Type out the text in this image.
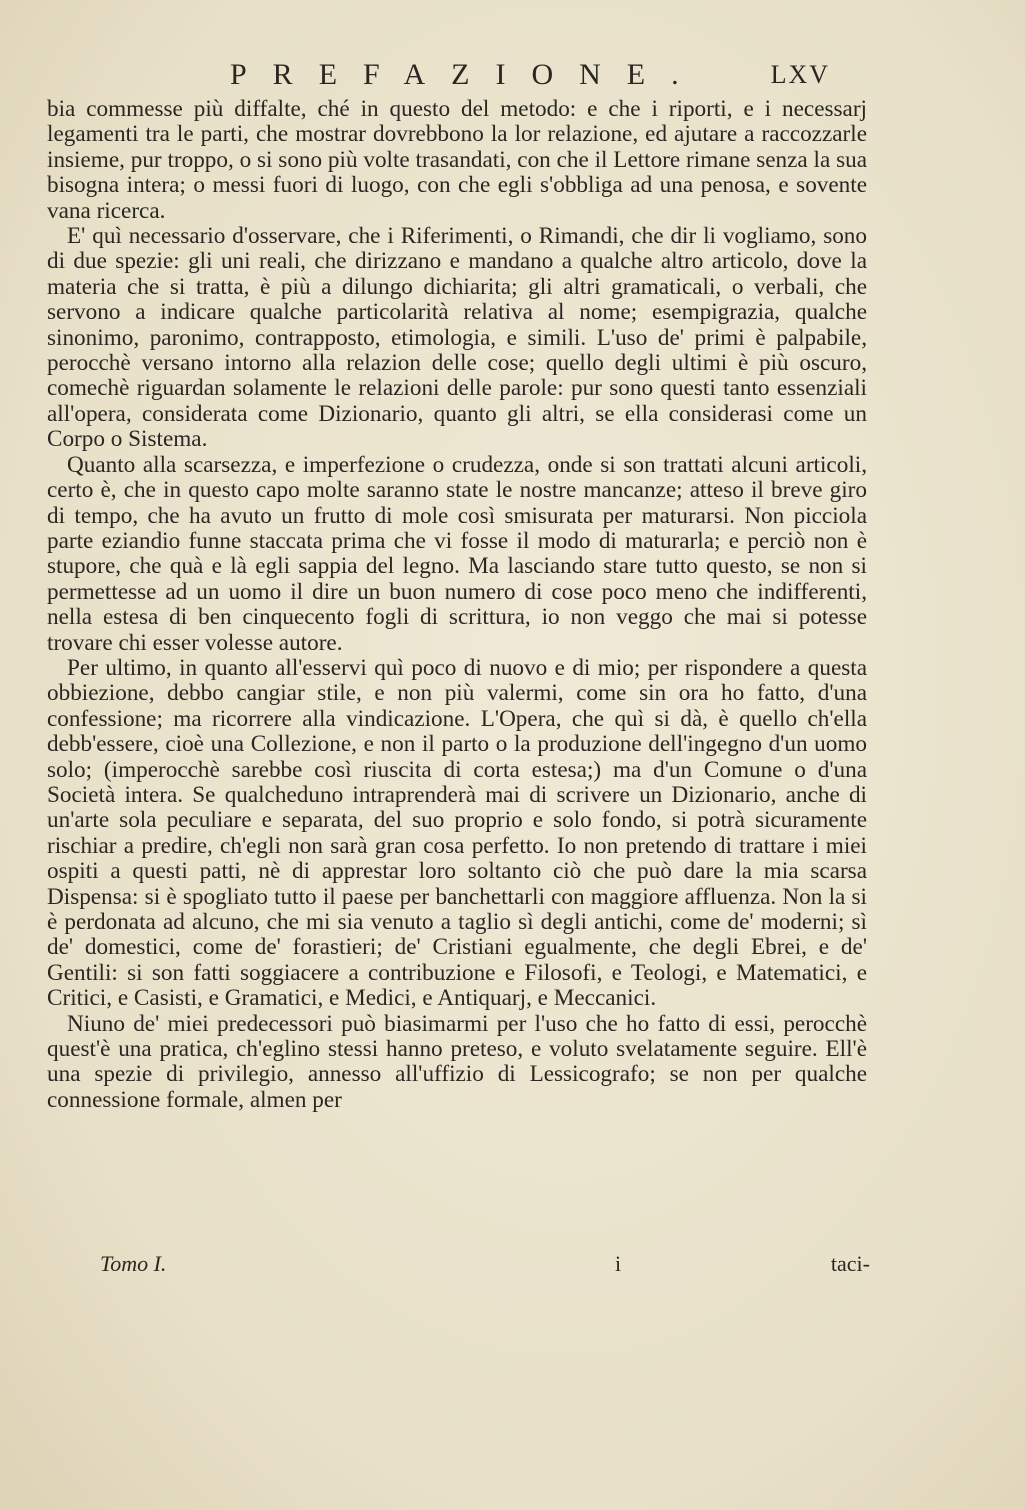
PREFAZIONE.	LXV

bia commesse più diffalte, ché in questo del metodo: e che i riporti, e i necessarj legamenti tra le parti, che mostrar dovrebbono la lor relazione, ed ajutare a raccozzarle insieme, pur troppo, o si sono più volte trasandati, con che il Lettore rimane senza la sua bisogna intera; o messi fuori di luogo, con che egli s'obbliga ad una penosa, e sovente vana ricerca.

E' quì necessario d'osservare, che i Riferimenti, o Rimandi, che dir li vogliamo, sono di due spezie: gli uni reali, che dirizzano e mandano a qualche altro articolo, dove la materia che si tratta, è più a dilungo dichiarita; gli altri gramaticali, o verbali, che servono a indicare qualche particolarità relativa al nome; esempigrazia, qualche sinonimo, paronimo, contrapposto, etimologia, e simili. L'uso de' primi è palpabile, perocchè versano intorno alla relazion delle cose; quello degli ultimi è più oscuro, comechè riguardan solamente le relazioni delle parole: pur sono questi tanto essenziali all'opera, considerata come Dizionario, quanto gli altri, se ella considerasi come un Corpo o Sistema.

Quanto alla scarsezza, e imperfezione o crudezza, onde si son trattati alcuni articoli, certo è, che in questo capo molte saranno state le nostre mancanze; atteso il breve giro di tempo, che ha avuto un frutto di mole così smisurata per maturarsi. Non picciola parte eziandio funne staccata prima che vi fosse il modo di maturarla; e perciò non è stupore, che quà e là egli sappia del legno. Ma lasciando stare tutto questo, se non si permettesse ad un uomo il dire un buon numero di cose poco meno che indifferenti, nella estesa di ben cinquecento fogli di scrittura, io non veggo che mai si potesse trovare chi esser volesse autore.

Per ultimo, in quanto all'esservi quì poco di nuovo e di mio; per rispondere a questa obbiezione, debbo cangiar stile, e non più valermi, come sin ora ho fatto, d'una confessione; ma ricorrere alla vindicazione. L'Opera, che quì si dà, è quello ch'ella debb'essere, cioè una Collezione, e non il parto o la produzione dell'ingegno d'un uomo solo; (imperocchè sarebbe così riuscita di corta estesa;) ma d'un Comune o d'una Società intera. Se qualcheduno intraprenderà mai di scrivere un Dizionario, anche di un'arte sola peculiare e separata, del suo proprio e solo fondo, si potrà sicuramente rischiar a predire, ch'egli non sarà gran cosa perfetto. Io non pretendo di trattare i miei ospiti a questi patti, nè di apprestar loro soltanto ciò che può dare la mia scarsa Dispensa: si è spogliato tutto il paese per banchettarli con maggiore affluenza. Non la si è perdonata ad alcuno, che mi sia venuto a taglio sì degli antichi, come de' moderni; sì de' domestici, come de' forastieri; de' Cristiani egualmente, che degli Ebrei, e de' Gentili: si son fatti soggiacere a contribuzione e Filosofi, e Teologi, e Matematici, e Critici, e Casisti, e Gramatici, e Medici, e Antiquarj, e Meccanici.

Niuno de' miei predecessori può biasimarmi per l'uso che ho fatto di essi, perocchè quest'è una pratica, ch'eglino stessi hanno preteso, e voluto svelatamente seguire. Ell'è una spezie di privilegio, annesso all'uffizio di Lessicografo; se non per qualche connessione formale, almen per

Tomo I.	i	taci-
